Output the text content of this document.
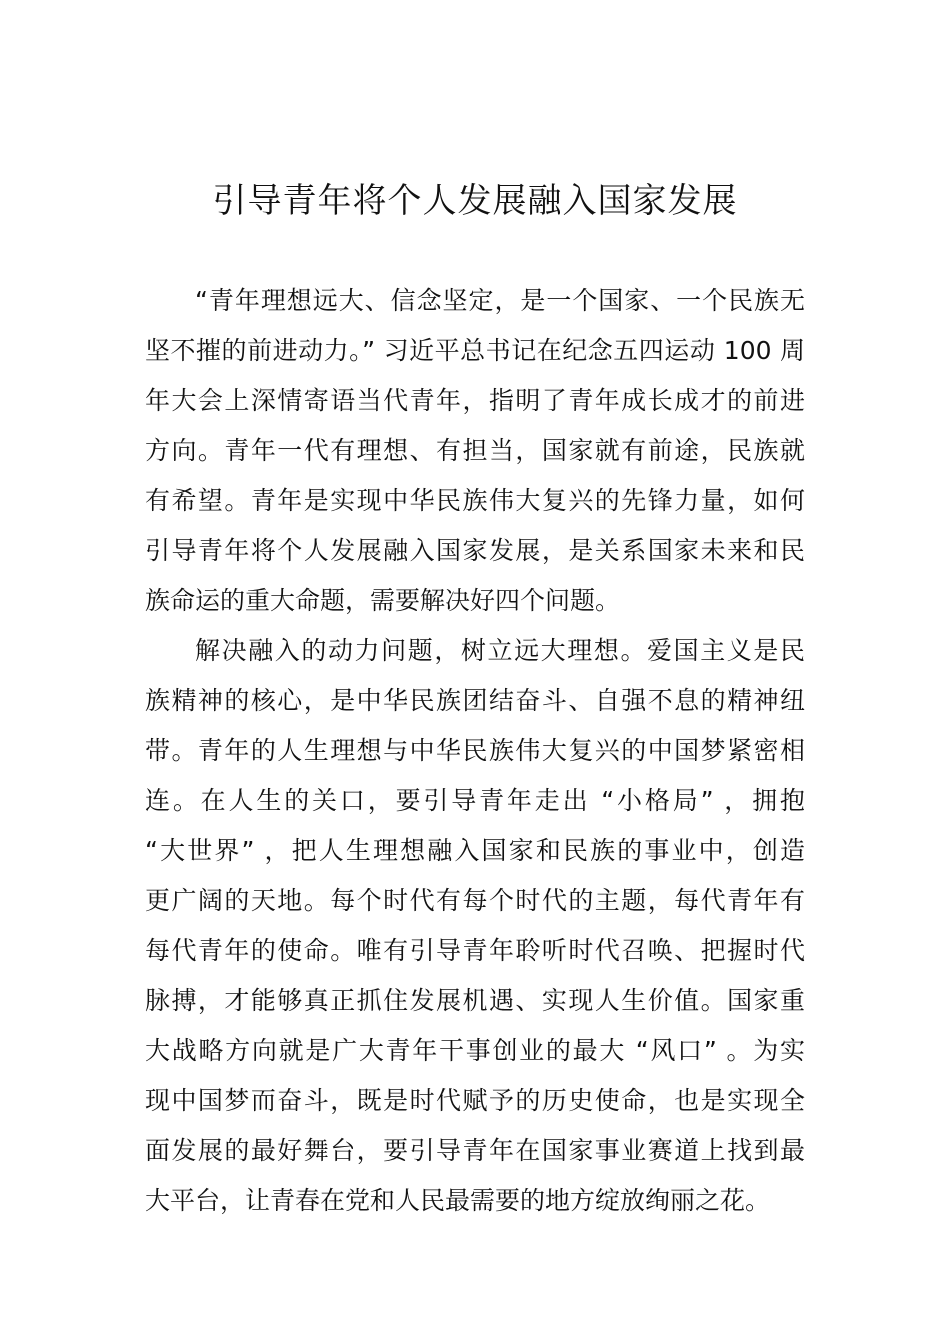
引导青年将个人发展融入国家发展

“青年理想远大、信念坚定，是一个国家、一个民族无
坚不摧的前进动力。” 习近平总书记在纪念五四运动 100 周
年大会上深情寄语当代青年，指明了青年成长成才的前进
方向。青年一代有理想、有担当，国家就有前途，民族就
有希望。青年是实现中华民族伟大复兴的先锋力量，如何
引导青年将个人发展融入国家发展，是关系国家未来和民
族命运的重大命题，需要解决好四个问题。

解决融入的动力问题，树立远大理想。爱国主义是民
族精神的核心，是中华民族团结奋斗、自强不息的精神纽
带。青年的人生理想与中华民族伟大复兴的中国梦紧密相
连。在人生的关口，要引导青年走出 “小格局” ，拥抱
“大世界” ，把人生理想融入国家和民族的事业中，创造
更广阔的天地。每个时代有每个时代的主题，每代青年有
每代青年的使命。唯有引导青年聆听时代召唤、把握时代
脉搏，才能够真正抓住发展机遇、实现人生价值。国家重
大战略方向就是广大青年干事创业的最大 “风口” 。为实
现中国梦而奋斗，既是时代赋予的历史使命，也是实现全
面发展的最好舞台，要引导青年在国家事业赛道上找到最
大平台，让青春在党和人民最需要的地方绽放绚丽之花。
